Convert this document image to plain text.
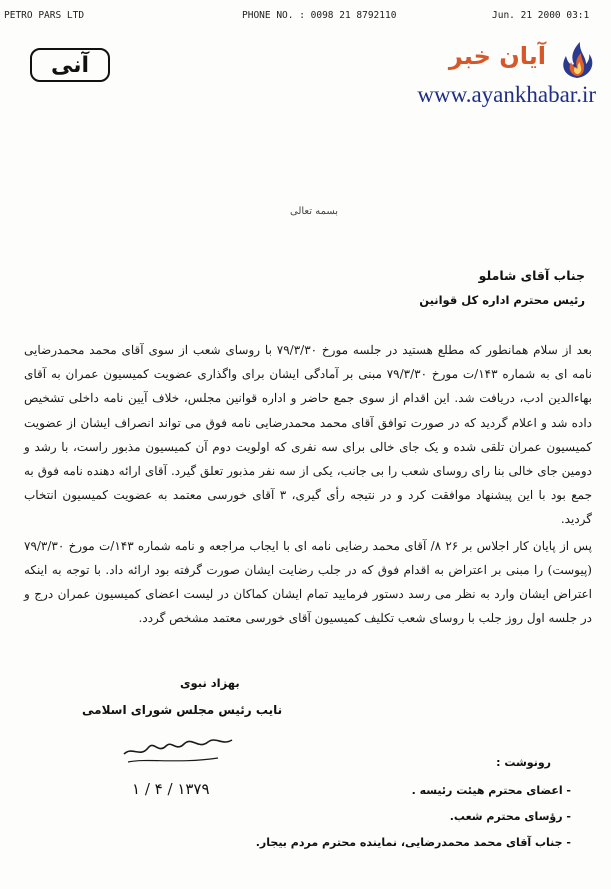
PETRO PARS LTD	PHONE NO. : 0098 21 8792110	Jun. 21 2000 03:1
آنی	آیان خبر
www.ayankhabar.ir
بسمه تعالی
جناب آقای شاملو
رئیس محترم اداره کل قوانین

بعد از سلام همانطور که مطلع هستید در جلسه مورخ ۷۹/۳/۳۰ با روسای شعب از سوی آقای محمد محمدرضایی نامه ای به شماره ۱۴۳/ت مورخ ۷۹/۳/۳۰ مبنی بر آمادگی ایشان برای واگذاری عضویت کمیسیون عمران به آقای بهاءالدین ادب، دریافت شد. این اقدام از سوی جمع حاضر و اداره قوانین مجلس، خلاف آیین نامه داخلی تشخیص داده شد و اعلام گردید که در صورت توافق آقای محمد محمدرضایی نامه فوق می تواند انصراف ایشان از عضویت کمیسیون عمران تلقی شده و یک جای خالی برای سه نفری که اولویت دوم آن کمیسیون مذبور راست، با رشد و دومین جای خالی بنا رای روسای شعب را بی جانب، یکی از سه نفر مذبور تعلق گیرد. آقای ارائه دهنده نامه فوق به جمع بود با این پیشنهاد موافقت کرد و در نتیجه رأی گیری، ۳ آقای خورسی معتمد به عضویت کمیسیون انتخاب گردید.

پس از پایان کار اجلاس بر ۲۶ ۸/ آقای محمد رضایی نامه ای با ایجاب مراجعه و نامه شماره ۱۴۳/ت مورخ ۷۹/۳/۳۰ (پیوست) را مبنی بر اعتراض به اقدام فوق که در جلب رضایت ایشان صورت گرفته بود ارائه داد. با توجه به اینکه اعتراض ایشان وارد به نظر می رسد دستور فرمایید تمام ایشان کماکان در لیست اعضای کمیسیون عمران درج و در جلسه اول روز جلب با روسای شعب تکلیف کمیسیون آقای خورسی معتمد مشخص گردد.

بهزاد نبوی
نایب رئیس مجلس شورای اسلامی
۱۳۷۹ / ۴ / ۱
رونوشت :
- اعضای محترم هیئت رئیسه .
- رؤسای محترم شعب.
- جناب آقای محمد محمدرضایی، نماینده محترم مردم بیجار.
